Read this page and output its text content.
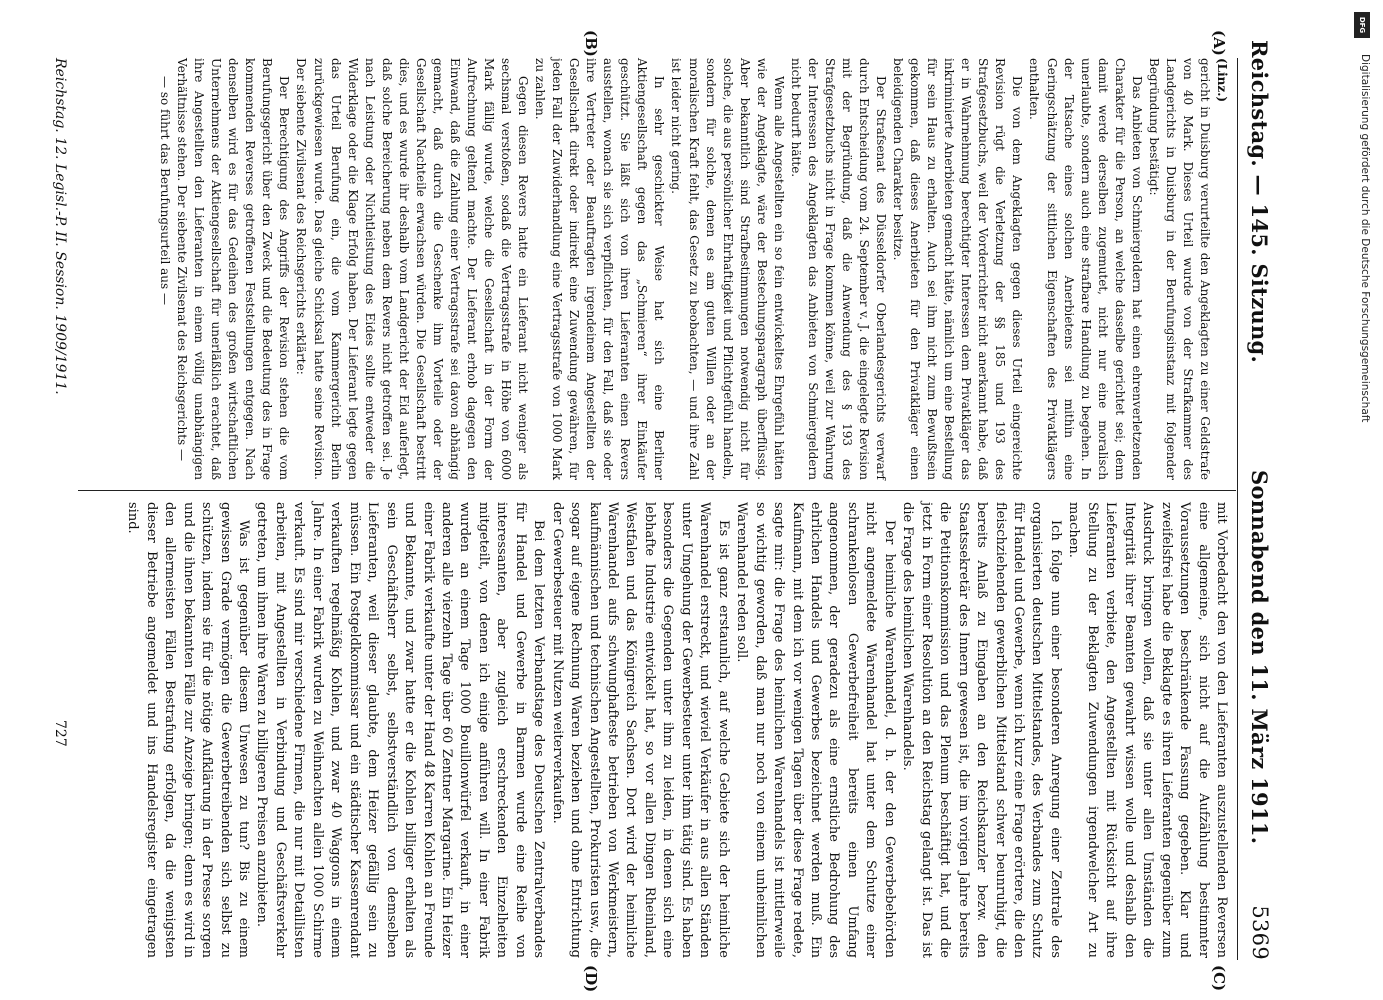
Reichstag. — 145. Sitzung.
Sonnabend den 11. März 1911.
5369
(A)
(B)
(C)
(D)

(Linz.)

gericht in Duisburg verurteilte den Angeklagten zu einer Geldstrafe von 40 Mark. Dieses Urteil wurde von der Strafkammer des Landgerichts in Duisburg in der Berufungsinstanz mit folgender Begründung bestätigt:

Das Anbieten von Schmiergeldern hat einen ehrenverletzenden Charakter für die Person, an welche dasselbe gerichtet sei; denn damit werde derselben zugemutet, nicht nur eine moralisch unerlaubte, sondern auch eine strafbare Handlung zu begehen. In der Tatsache eines solchen Anerbietens sei mithin eine Geringschätzung der sittlichen Eigenschaften des Privatklägers enthalten.

Die von dem Angeklagten gegen dieses Urteil eingereichte Revision rügt die Verletzung der §§ 185 und 193 des Strafgesetzbuchs, weil der Vorderrichter nicht anerkannt habe, daß er in Wahrnehmung berechtigter Interessen dem Privatkläger das inkriminierte Anerbieten gemacht hätte, nämlich um eine Bestellung für sein Haus zu erhalten. Auch sei ihm nicht zum Bewußtsein gekommen, daß dieses Anerbieten für den Privatkläger einen beleidigenden Charakter besitze.

Der Strafsenat des Düsseldorfer Oberlandesgerichts verwarf durch Entscheidung vom 24. September v. J. die eingelegte Revision mit der Begründung, daß die Anwendung des § 193 des Strafgesetzbuchs nicht in Frage kommen könne, weil zur Wahrung der Interessen des Angeklagten das Anbieten von Schmiergeldern nicht bedurft hätte.

Wenn alle Angestellten ein so fein entwickeltes Ehrgefühl hätten wie der Angeklagte, wäre der Bestechungsparagraph überflüssig. Aber bekanntlich sind Strafbestimmungen notwendig nicht für solche, die aus persönlicher Ehrhaftigkeit und Pflichtgefühl handeln, sondern für solche, denen es am guten Willen oder an der moralischen Kraft fehlt, das Gesetz zu beobachten, — und ihre Zahl ist leider nicht gering.

In sehr geschickter Weise hat sich eine Berliner Aktiengesellschaft gegen das „Schmieren“ ihrer Einkäufer geschützt. Sie läßt sich von ihren Lieferanten einen Revers ausstellen, wonach sie sich verpflichten, für den Fall, daß sie oder ihre Vertreter oder Beauftragten irgendeinem Angestellten der Gesellschaft direkt oder indirekt eine Zuwendung gewähren, für jeden Fall der Zuwiderhandlung eine Vertragsstrafe von 1000 Mark zu zahlen.

Gegen diesen Revers hatte ein Lieferant nicht weniger als sechsmal verstoßen, sodaß die Vertragsstrafe in Höhe von 6000 Mark fällig wurde, welche die Gesellschaft in der Form der Aufrechnung geltend machte. Der Lieferant erhob dagegen den Einwand, daß die Zahlung einer Vertragsstrafe sei davon abhängig gemacht, daß durch die Geschenke ihm Vorteile oder der Gesellschaft Nachteile erwachsen würden. Die Gesellschaft bestritt dies, und es wurde ihr deshalb vom Landgericht der Eid auferlegt, daß solche Bereicherung neben dem Revers nicht getroffen sei. Je nach Leistung oder Nichtleistung des Eides sollte entweder die Widerklage oder die Klage Erfolg haben. Der Lieferant legte gegen das Urteil Berufung ein, die vom Kammergericht Berlin zurückgewiesen wurde. Das gleiche Schicksal hatte seine Revision. Der siebente Zivilsenat des Reichsgerichts erklärte:

Der Berechtigung des Angriffs der Revision stehen die vom Berufungsgericht über den Zweck und die Bedeutung des in Frage kommenden Reverses getroffenen Feststellungen entgegen. Nach denselben wird es für das Gedeihen des großen wirtschaftlichen Unternehmens der Aktiengesellschaft für unerläßlich erachtet, daß ihre Angestellten den Lieferanten in einem völlig unabhängigen Verhältnisse stehen. Der siebente Zivilsenat des Reichsgerichts —

— so führt das Berufungsurteil aus —

mit Vorbedacht den von den Lieferanten auszustellenden Reversen eine allgemeine, sich nicht auf die Aufzählung bestimmter Voraussetzungen beschränkende Fassung gegeben. Klar und zweifelsfrei habe die Beklagte es ihren Lieferanten gegenüber zum Ausdruck bringen wollen, daß sie unter allen Umständen die Integrität ihrer Beamten gewahrt wissen wolle und deshalb den Lieferanten verbiete, den Angestellten mit Rücksicht auf ihre Stellung zu der Beklagten Zuwendungen irgendwelcher Art zu machen.

Ich folge nun einer besonderen Anregung einer Zentrale des organisierten deutschen Mittelstandes, des Verbandes zum Schutz für Handel und Gewerbe, wenn ich kurz eine Frage erörtere, die den fleischziehenden gewerblichen Mittelstand schwer beunruhigt, die bereits Anlaß zu Eingaben an den Reichskanzler bezw. den Staatssekretär des Innern gewesen ist, die im vorigen Jahre bereits die Petitionskommission und das Plenum beschäftigt hat, und die jetzt in Form einer Resolution an den Reichstag gelangt ist. Das ist die Frage des heimlichen Warenhandels.

Der heimliche Warenhandel, d. h. der den Gewerbebehörden nicht angemeldete Warenhandel hat unter dem Schutze einer schrankenlosen Gewerbefreiheit bereits einen Umfang angenommen, der geradezu als eine ernstliche Bedrohung des ehrlichen Handels und Gewerbes bezeichnet werden muß. Ein Kaufmann, mit dem ich vor wenigen Tagen über diese Frage redete, sagte mir: die Frage des heimlichen Warenhandels ist mittlerweile so wichtig geworden, daß man nur noch von einem unheimlichen Warenhandel reden soll.

Es ist ganz erstaunlich, auf welche Gebiete sich der heimliche Warenhandel erstreckt, und wieviel Verkäufer in aus allen Ständen unter Umgehung der Gewerbesteuer unter ihm tätig sind. Es haben besonders die Gegenden unter ihm zu leiden, in denen sich eine lebhafte Industrie entwickelt hat, so vor allen Dingen Rheinland, Westfalen und das Königreich Sachsen. Dort wird der heimliche Warenhandel aufs schwunghafteste betrieben von Werkmeistern, kaufmännischen und technischen Angestellten, Prokuristen usw., die sogar auf eigene Rechnung Waren beziehen und ohne Entrichtung der Gewerbesteuer mit Nutzen weiterverkaufen.

Bei dem letzten Verbandstage des Deutschen Zentralverbandes für Handel und Gewerbe in Barmen wurde eine Reihe von interessanten, aber zugleich erschreckenden Einzelheiten mitgeteilt, von denen ich einige anführen will. In einer Fabrik wurden an einem Tage 1000 Bouillonwürfel verkauft, in einer anderen alle vierzehn Tage über 60 Zentner Margarine. Ein Heizer einer Fabrik verkaufte unter der Hand 48 Karren Kohlen an Freunde und Bekannte, und zwar hatte er die Kohlen billiger erhalten als sein Geschäftsherr selbst, selbstverständlich von demselben Lieferanten, weil dieser glaubte, dem Heizer gefällig sein zu müssen. Ein Postgeldkommissar und ein städtischer Kassenrendant verkauften regelmäßig Kohlen, und zwar 40 Waggons in einem Jahre. In einer Fabrik wurden zu Weihnachten allein 1000 Schirme verkauft. Es sind mir verschiedene Firmen, die nur mit Detaillisten arbeiten, mit Angestellten in Verbindung und Geschäftsverkehr getreten, um ihnen ihre Waren zu billigeren Preisen anzubieten.

Was ist gegenüber diesem Unwesen zu tun? Bis zu einem gewissen Grade vermögen die Gewerbetreibenden sich selbst zu schützen, indem sie für die nötige Aufklärung in der Presse sorgen und die ihnen bekannten Fälle zur Anzeige bringen; denn es wird in den allermeisten Fällen Bestrafung erfolgen, da die wenigsten dieser Betriebe angemeldet und ins Handelsregister eingetragen sind.

Reichstag. 12. Legisl.-P. II. Session. 1909/1911.
727
DFG
Digitalisierung gefördert durch die Deutsche Forschungsgemeinschaft
